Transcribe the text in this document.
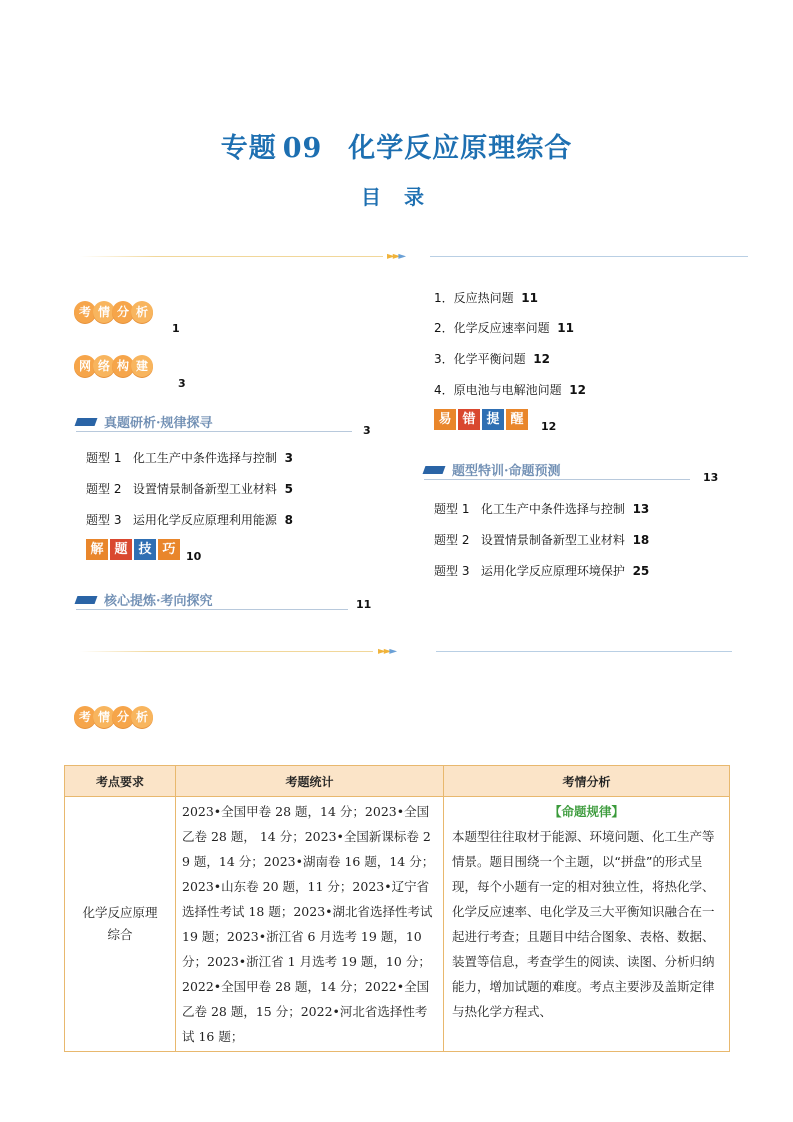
专题 09 化学反应原理综合
目 录
►►►
考 情 分 析
1
网 络 构 建
3
真题研析·规律探寻	3
题型 1 化工生产中条件选择与控制 3
题型 2 设置情景制备新型工业材料 5
题型 3 运用化学反应原理利用能源 8
解 题 技 巧 10
核心提炼·考向探究	11
1．反应热问题 11
2．化学反应速率问题 11
3．化学平衡问题 12
4．原电池与电解池问题 12
易 错 提 醒	12
题型特训·命题预测	13
题型 1 化工生产中条件选择与控制 13
题型 2 设置情景制备新型工业材料 18
题型 3 运用化学反应原理环境保护 25
►►►
考 情 分 析
考点要求	考题统计	考情分析

化学反应原理综合	2023•全国甲卷 28 题，14 分；2023•全国乙卷 28 题， 14 分；2023•全国新课标卷 29 题，14 分；2023•湖南卷 16 题，14 分；2023•山东卷 20 题，11 分；2023•辽宁省选择性考试 18 题；2023•湖北省选择性考试 19 题；2023•浙江省 6 月选考 19 题，10 分；2023•浙江省 1 月选考 19 题，10 分；2022•全国甲卷 28 题，14 分；2022•全国乙卷 28 题，15 分；2022•河北省选择性考试 16 题；	【命题规律】
本题型往往取材于能源、环境问题、化工生产等情景。题目围绕一个主题，以“拼盘”的形式呈现，每个小题有一定的相对独立性，将热化学、化学反应速率、电化学及三大平衡知识融合在一起进行考查；且题目中结合图象、表格、数据、装置等信息，考查学生的阅读、读图、分析归纳能力，增加试题的难度。考点主要涉及盖斯定律与热化学方程式、
